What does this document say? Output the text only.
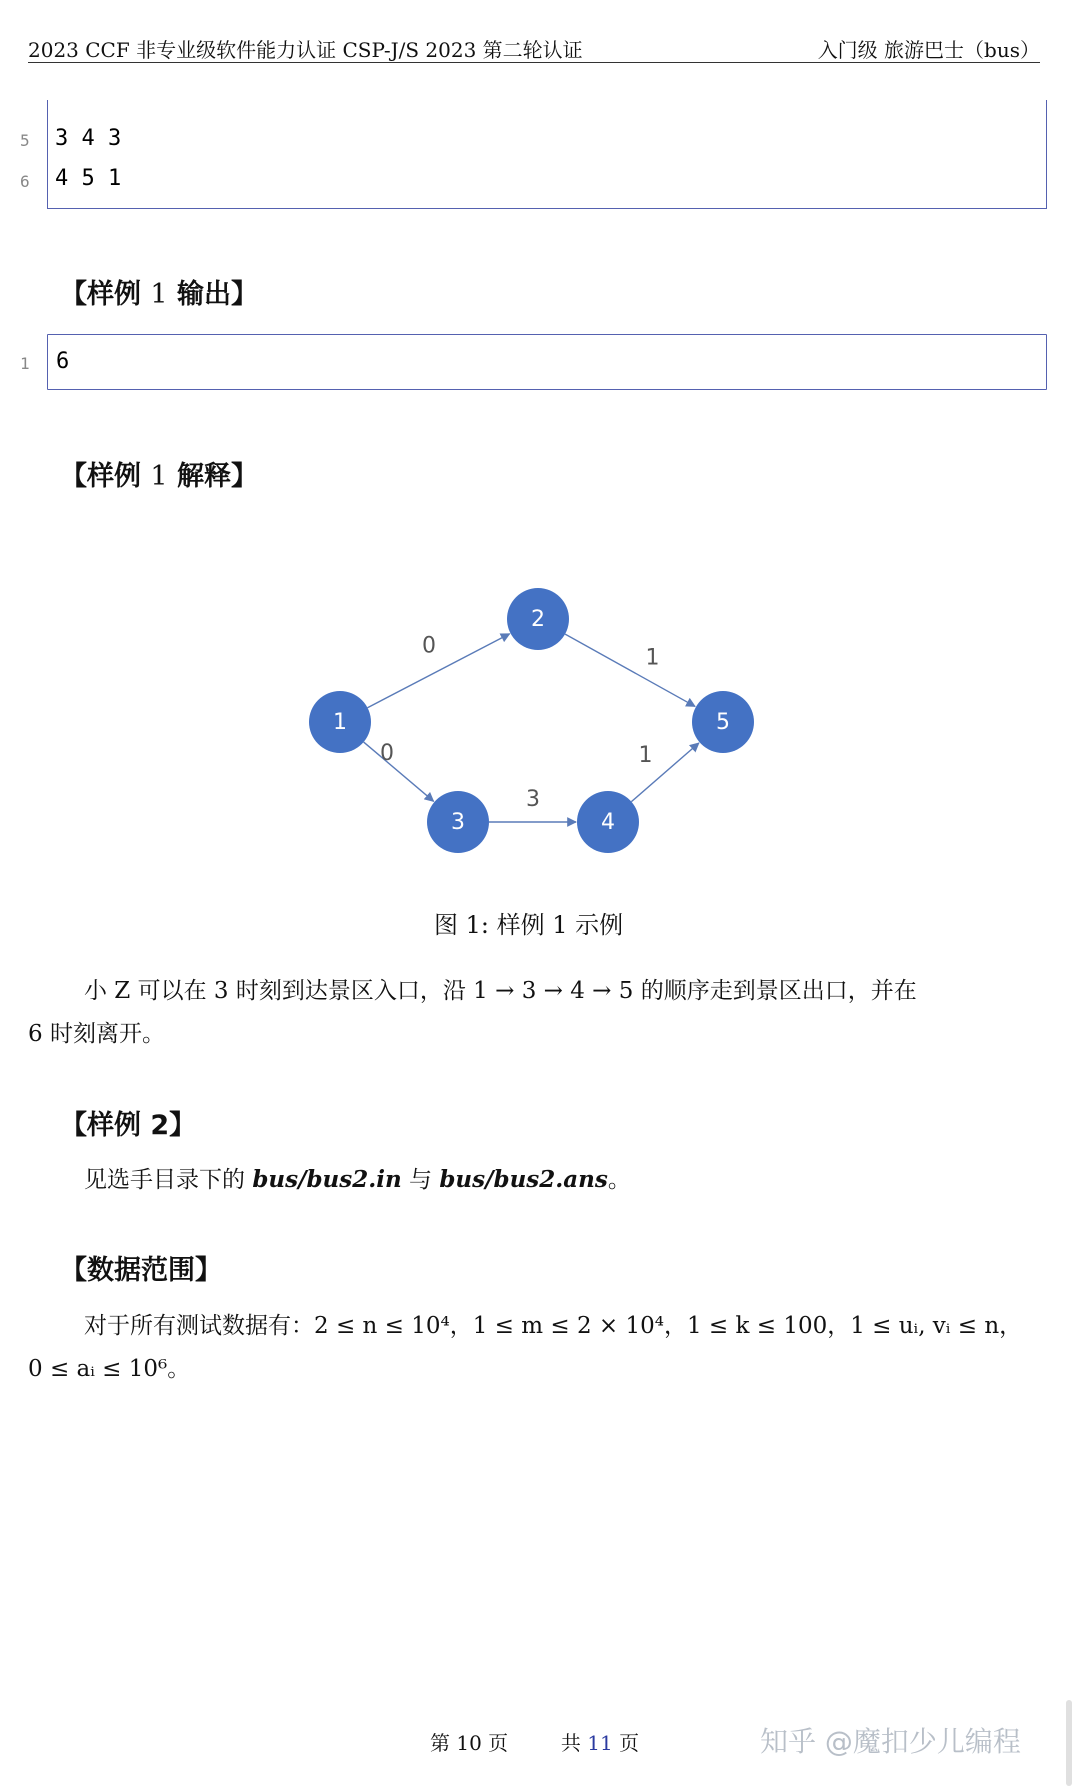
2023 CCF 非专业级软件能力认证 CSP-J/S 2023 第二轮认证	入门级 旅游巴士（bus）
5 3 4 3
6 4 5 1
【样例 1 输出】
1 6
【样例 1 解释】
0	1
0
3
1
1
2
3	4
5
图 1: 样例 1 示例
小 Z 可以在 3 时刻到达景区入口，沿 1 → 3 → 4 → 5 的顺序走到景区出口，并在
6 时刻离开。
【样例 2】
见选手目录下的 bus/bus2.in 与 bus/bus2.ans。
【数据范围】
对于所有测试数据有：2 ≤ n ≤ 10⁴，1 ≤ m ≤ 2 × 10⁴，1 ≤ k ≤ 100，1 ≤ uᵢ, vᵢ ≤ n，
0 ≤ aᵢ ≤ 10⁶。
第 10 页	共 11 页	知乎 @魔扣少儿编程
